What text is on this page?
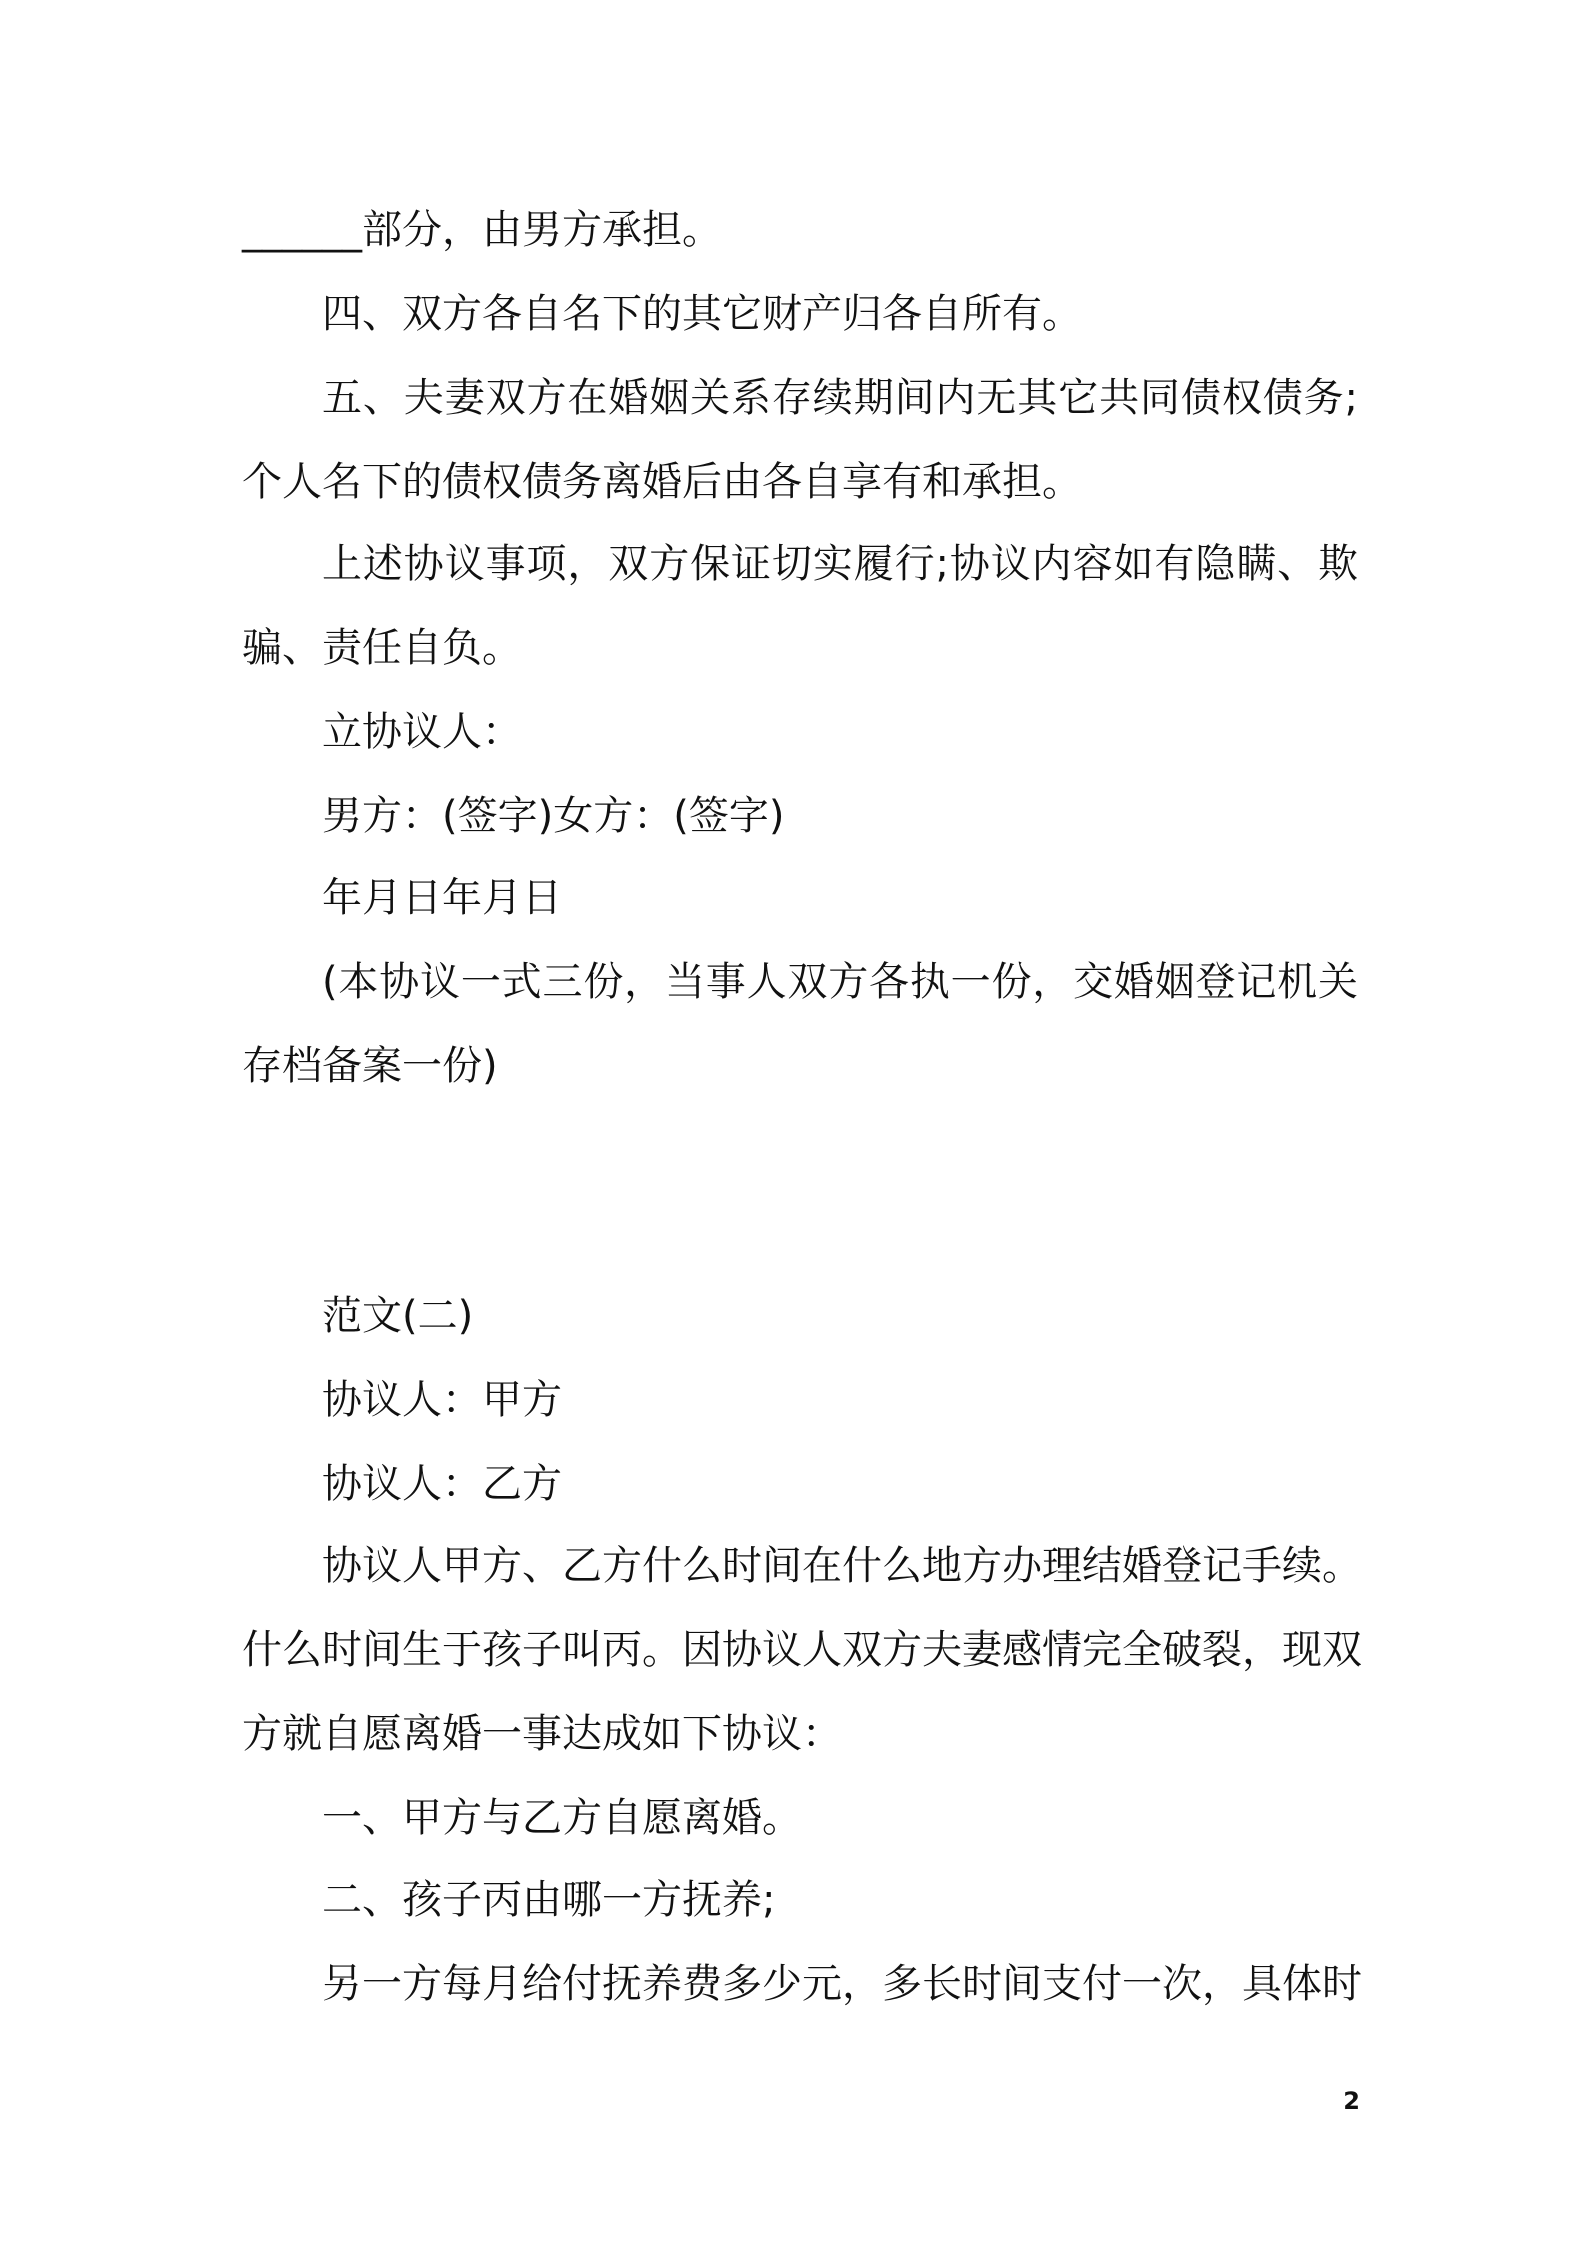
______部分，由男方承担。
四、双方各自名下的其它财产归各自所有。
五、夫妻双方在婚姻关系存续期间内无其它共同债权债务;
个人名下的债权债务离婚后由各自享有和承担。
上述协议事项，双方保证切实履行;协议内容如有隐瞒、欺
骗、责任自负。
立协议人：
男方：(签字)女方：(签字)
年月日年月日
(本协议一式三份，当事人双方各执一份，交婚姻登记机关
存档备案一份)
范文(二)
协议人：甲方
协议人：乙方
协议人甲方、乙方什么时间在什么地方办理结婚登记手续。
什么时间生于孩子叫丙。因协议人双方夫妻感情完全破裂，现双
方就自愿离婚一事达成如下协议：
一、甲方与乙方自愿离婚。
二、孩子丙由哪一方抚养;
另一方每月给付抚养费多少元，多长时间支付一次，具体时
2
